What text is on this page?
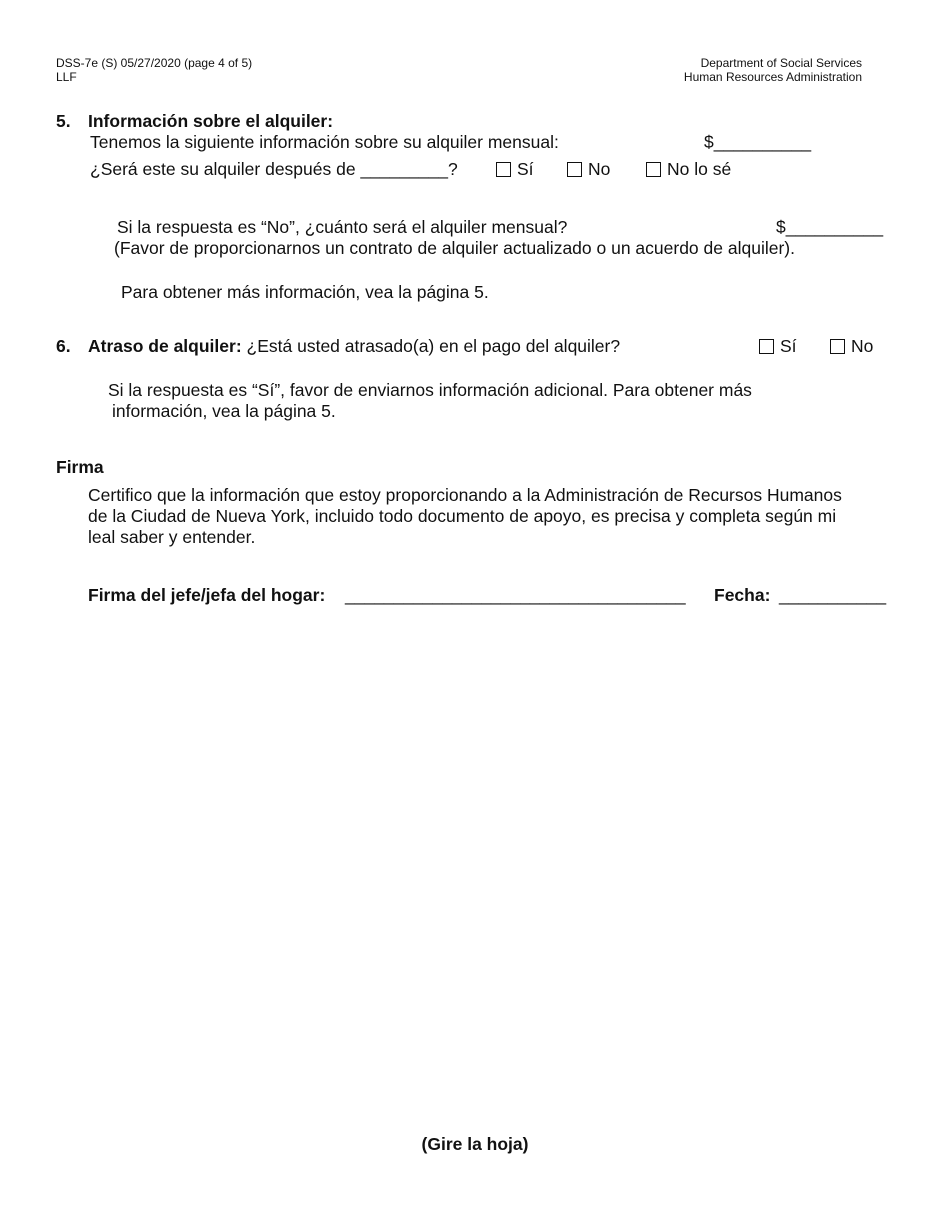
DSS-7e (S) 05/27/2020 (page 4 of 5)
LLF
Department of Social Services
Human Resources Administration
5. Información sobre el alquiler:
Tenemos la siguiente información sobre su alquiler mensual:	$__________
¿Será este su alquiler después de _________?	Sí	No	No lo sé
Si la respuesta es “No”, ¿cuánto será el alquiler mensual?	$__________
(Favor de proporcionarnos un contrato de alquiler actualizado o un acuerdo de alquiler).
Para obtener más información, vea la página 5.
6. Atraso de alquiler: ¿Está usted atrasado(a) en el pago del alquiler?	Sí	No
Si la respuesta es “Sí”, favor de enviarnos información adicional. Para obtener más
información, vea la página 5.
Firma
Certifico que la información que estoy proporcionando a la Administración de Recursos Humanos
de la Ciudad de Nueva York, incluido todo documento de apoyo, es precisa y completa según mi
leal saber y entender.
Firma del jefe/jefa del hogar: ___________________________________ Fecha: ___________
(Gire la hoja)
